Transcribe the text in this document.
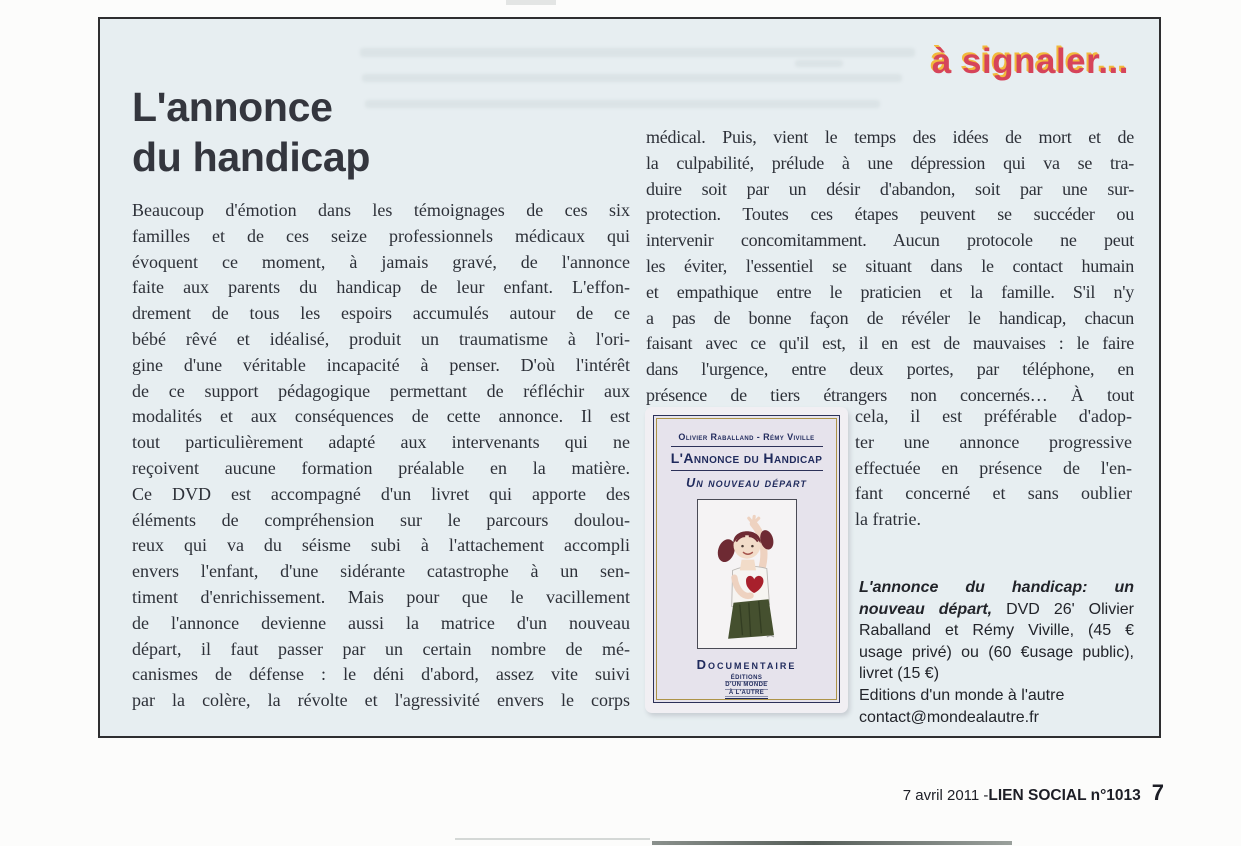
à signaler...
L'annonce
du handicap
Beaucoup d'émotion dans les témoignages de ces six
familles et de ces seize professionnels médicaux qui
évoquent ce moment, à jamais gravé, de l'annonce
faite aux parents du handicap de leur enfant. L'effon-
drement de tous les espoirs accumulés autour de ce
bébé rêvé et idéalisé, produit un traumatisme à l'ori-
gine d'une véritable incapacité à penser. D'où l'intérêt
de ce support pédagogique permettant de réfléchir aux
modalités et aux conséquences de cette annonce. Il est
tout particulièrement adapté aux intervenants qui ne
reçoivent aucune formation préalable en la matière.
Ce DVD est accompagné d'un livret qui apporte des
éléments de compréhension sur le parcours doulou-
reux qui va du séisme subi à l'attachement accompli
envers l'enfant, d'une sidérante catastrophe à un sen-
timent d'enrichissement. Mais pour que le vacillement
de l'annonce devienne aussi la matrice d'un nouveau
départ, il faut passer par un certain nombre de mé-
canismes de défense : le déni d'abord, assez vite suivi
par la colère, la révolte et l'agressivité envers le corps
médical. Puis, vient le temps des idées de mort et de
la culpabilité, prélude à une dépression qui va se tra-
duire soit par un désir d'abandon, soit par une sur-
protection. Toutes ces étapes peuvent se succéder ou
intervenir concomitamment. Aucun protocole ne peut
les éviter, l'essentiel se situant dans le contact humain
et empathique entre le praticien et la famille. S'il n'y
a pas de bonne façon de révéler le handicap, chacun
faisant avec ce qu'il est, il en est de mauvaises : le faire
dans l'urgence, entre deux portes, par téléphone, en
présence de tiers étrangers non concernés… À tout
cela, il est préférable d'adop-
ter une annonce progressive
effectuée en présence de l'en-
fant concerné et sans oublier
la fratrie.
Olivier Raballand - Rémy Viville
L'Annonce du Handicap
Un nouveau départ
Documentaire
ÉDITIONS
D'UN MONDE
À L'AUTRE

L'annonce du handicap: un nouveau départ, DVD 26' Olivier Raballand et Rémy Viville, (45 € usage privé) ou (60 €usage public), livret (15 €)

Editions d'un monde à l'autre
contact@mondealautre.fr
7 avril 2011 - LIEN SOCIAL n°1013 7
